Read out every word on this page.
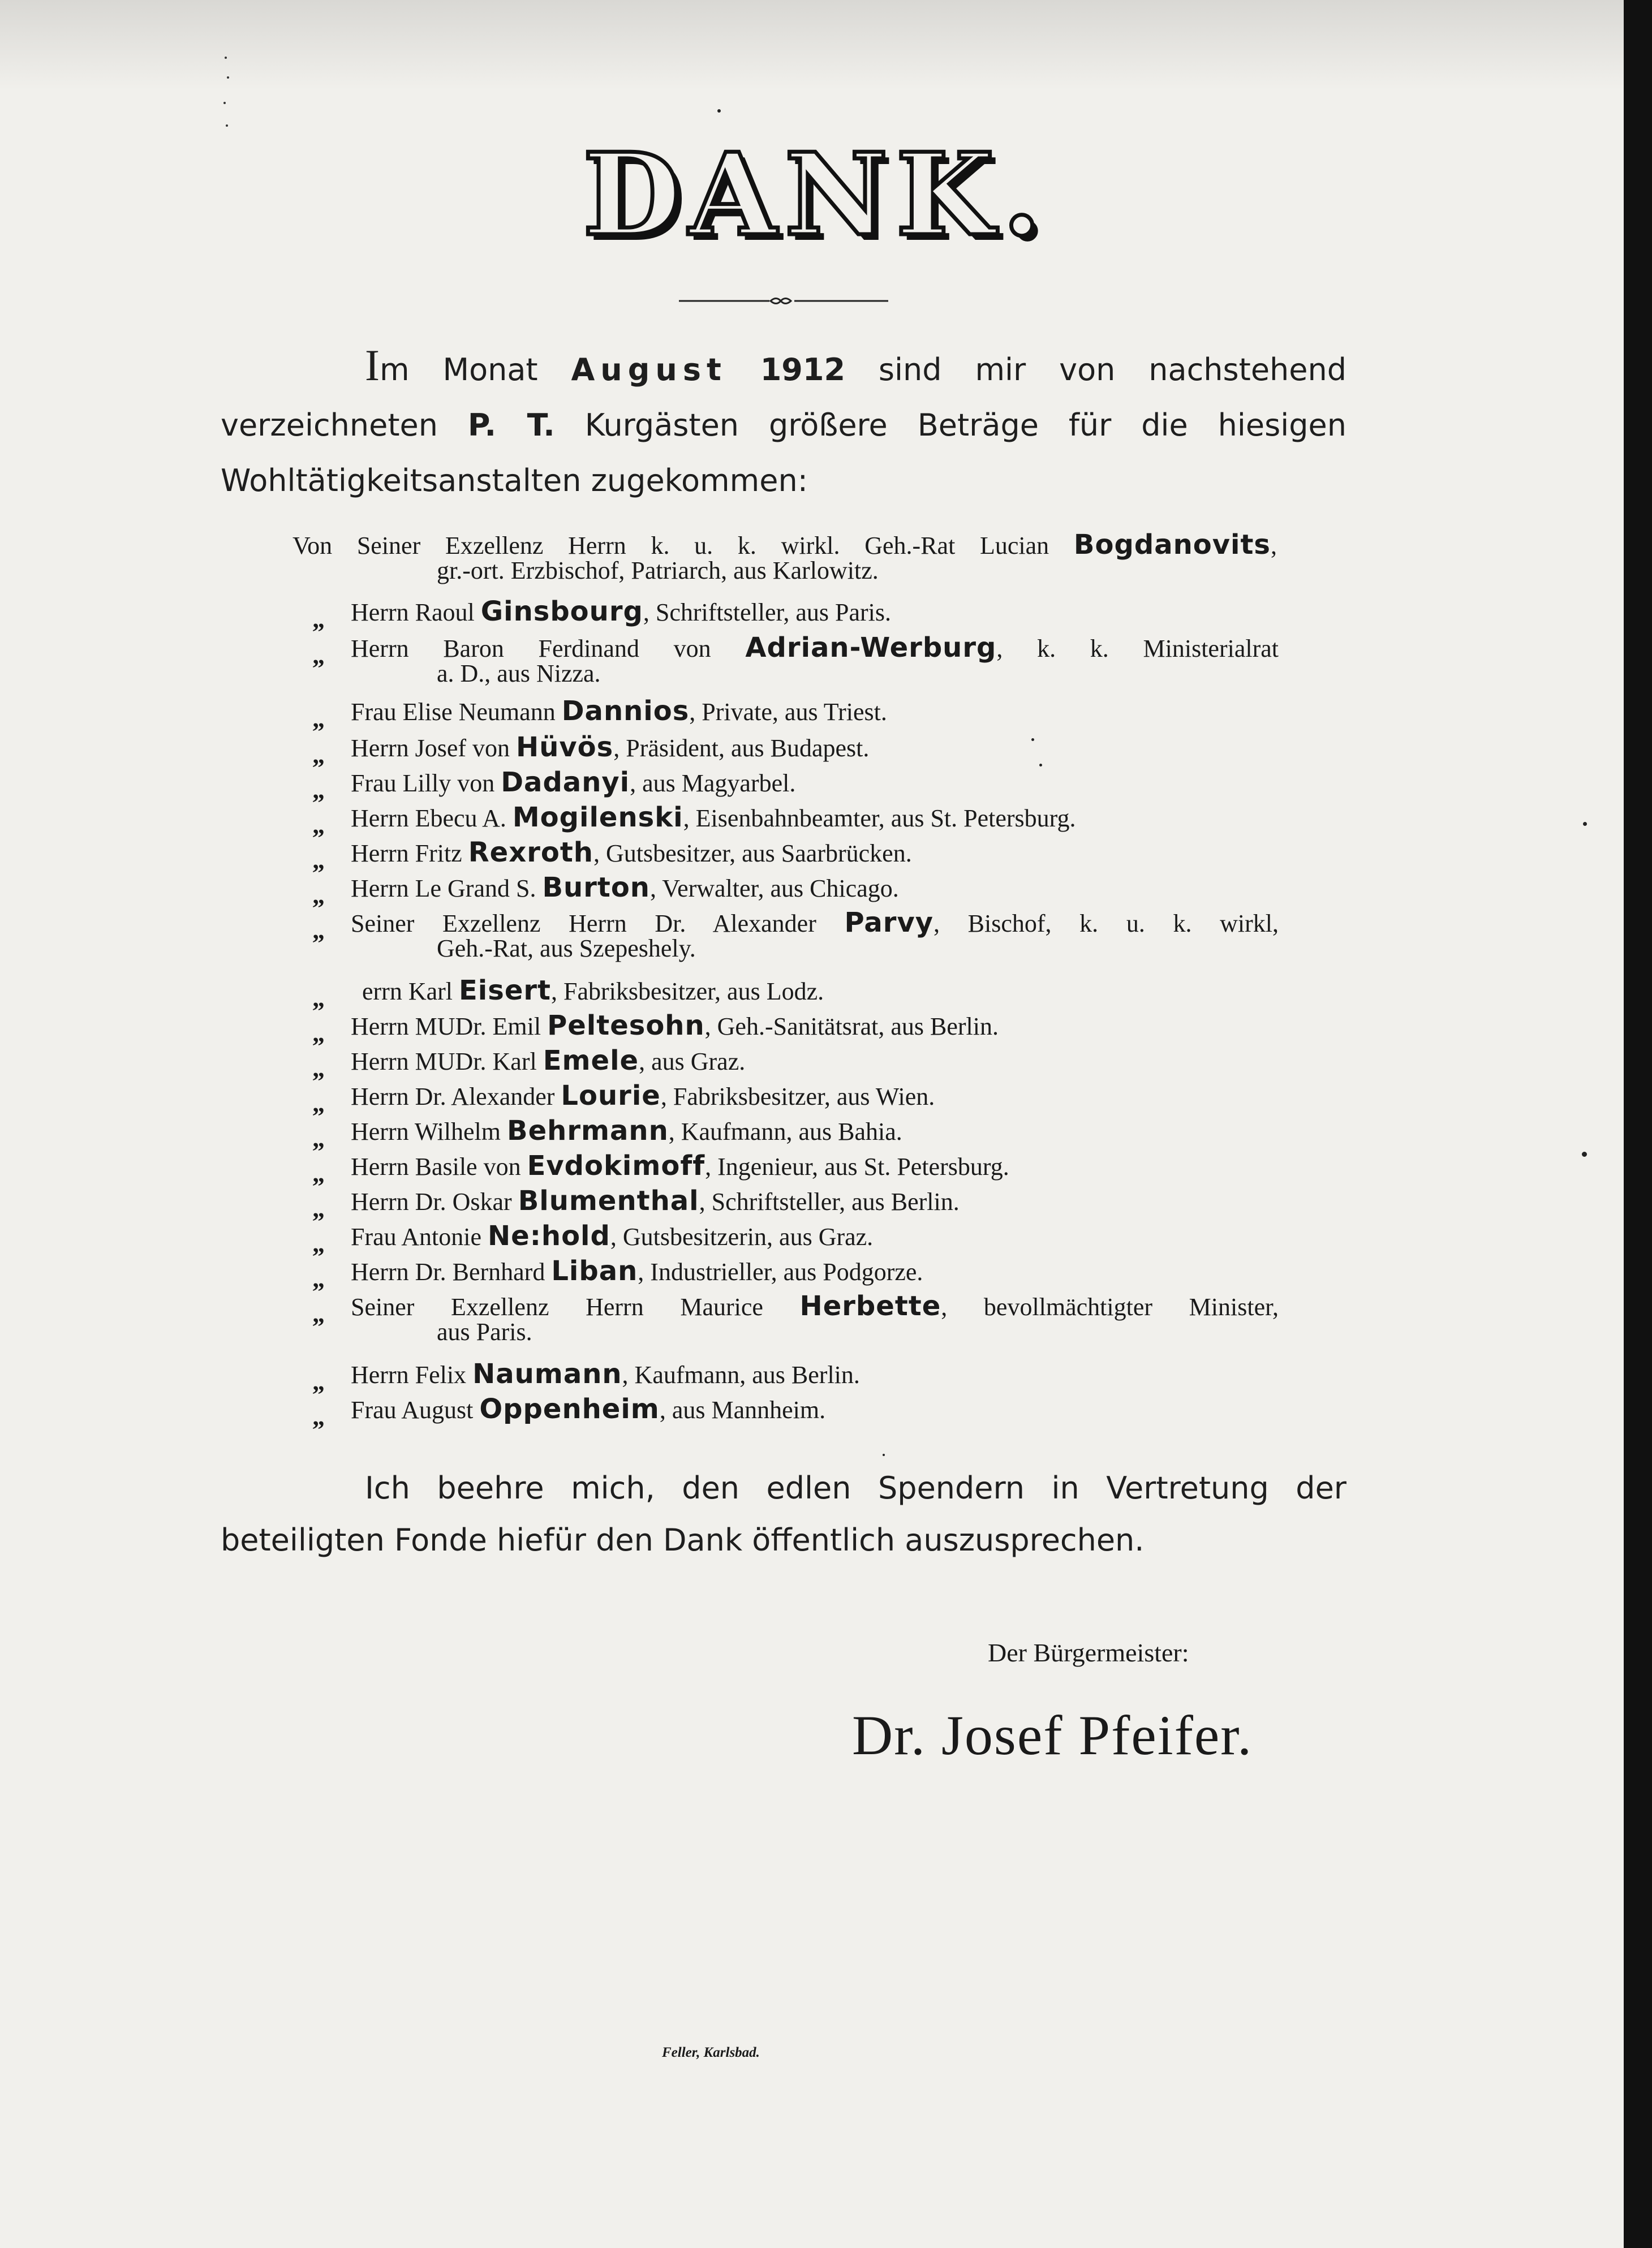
DANK.

Im Monat August 1912 sind mir von nachstehend verzeichneten P. T. Kurgästen größere Beträge für die hiesigen Wohltätigkeitsanstalten zugekommen:

Von Seiner Exzellenz Herrn k. u. k. wirkl. Geh.-Rat Lucian Bogdanovits,
gr.-ort. Erzbischof, Patriarch, aus Karlowitz.
„ Herrn Raoul Ginsbourg, Schriftsteller, aus Paris.
„ Herrn Baron Ferdinand von Adrian-Werburg, k. k. Ministerialrat
a. D., aus Nizza.
„ Frau Elise Neumann Dannios, Private, aus Triest.
„ Herrn Josef von Hüvös, Präsident, aus Budapest.
„ Frau Lilly von Dadanyi, aus Magyarbel.
„ Herrn Ebecu A. Mogilenski, Eisenbahnbeamter, aus St. Petersburg.
„ Herrn Fritz Rexroth, Gutsbesitzer, aus Saarbrücken.
„ Herrn Le Grand S. Burton, Verwalter, aus Chicago.
„ Seiner Exzellenz Herrn Dr. Alexander Parvy, Bischof, k. u. k. wirkl,
Geh.-Rat, aus Szepeshely.
„ errn Karl Eisert, Fabriksbesitzer, aus Lodz.
„ Herrn MUDr. Emil Peltesohn, Geh.-Sanitätsrat, aus Berlin.
„ Herrn MUDr. Karl Emele, aus Graz.
„ Herrn Dr. Alexander Lourie, Fabriksbesitzer, aus Wien.
„ Herrn Wilhelm Behrmann, Kaufmann, aus Bahia.
„ Herrn Basile von Evdokimoff, Ingenieur, aus St. Petersburg.
„ Herrn Dr. Oskar Blumenthal, Schriftsteller, aus Berlin.
„ Frau Antonie Ne:hold, Gutsbesitzerin, aus Graz.
„ Herrn Dr. Bernhard Liban, Industrieller, aus Podgorze.
„ Seiner Exzellenz Herrn Maurice Herbette, bevollmächtigter Minister,
aus Paris.
„ Herrn Felix Naumann, Kaufmann, aus Berlin.
„ Frau August Oppenheim, aus Mannheim.

Ich beehre mich, den edlen Spendern in Vertretung der beteiligten Fonde hiefür den Dank öffentlich auszusprechen.

Der Bürgermeister:
Dr. Josef Pfeifer.
Feller, Karlsbad.
